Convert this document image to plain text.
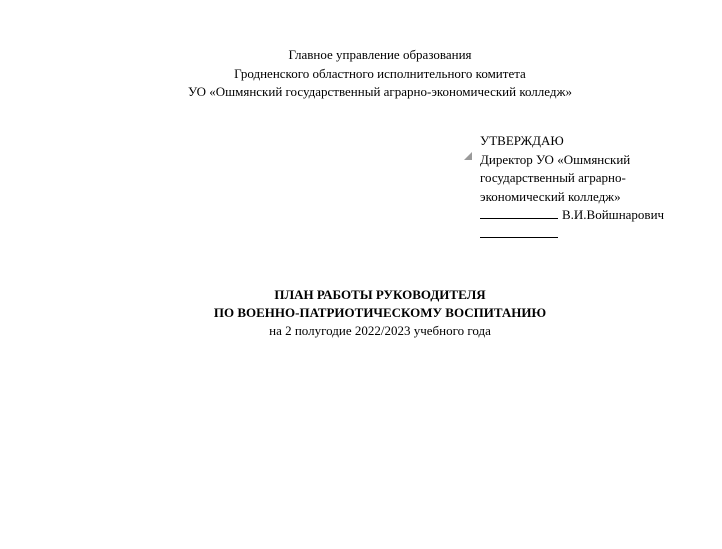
Главное управление образования
Гродненского областного исполнительного комитета
УО «Ошмянский государственный аграрно-экономический колледж»
УТВЕРЖДАЮ
Директор УО «Ошмянский
государственный аграрно-
экономический колледж»
В.И.Войшнарович
ПЛАН РАБОТЫ РУКОВОДИТЕЛЯ
ПО ВОЕННО-ПАТРИОТИЧЕСКОМУ ВОСПИТАНИЮ
на 2 полугодие 2022/2023 учебного года
